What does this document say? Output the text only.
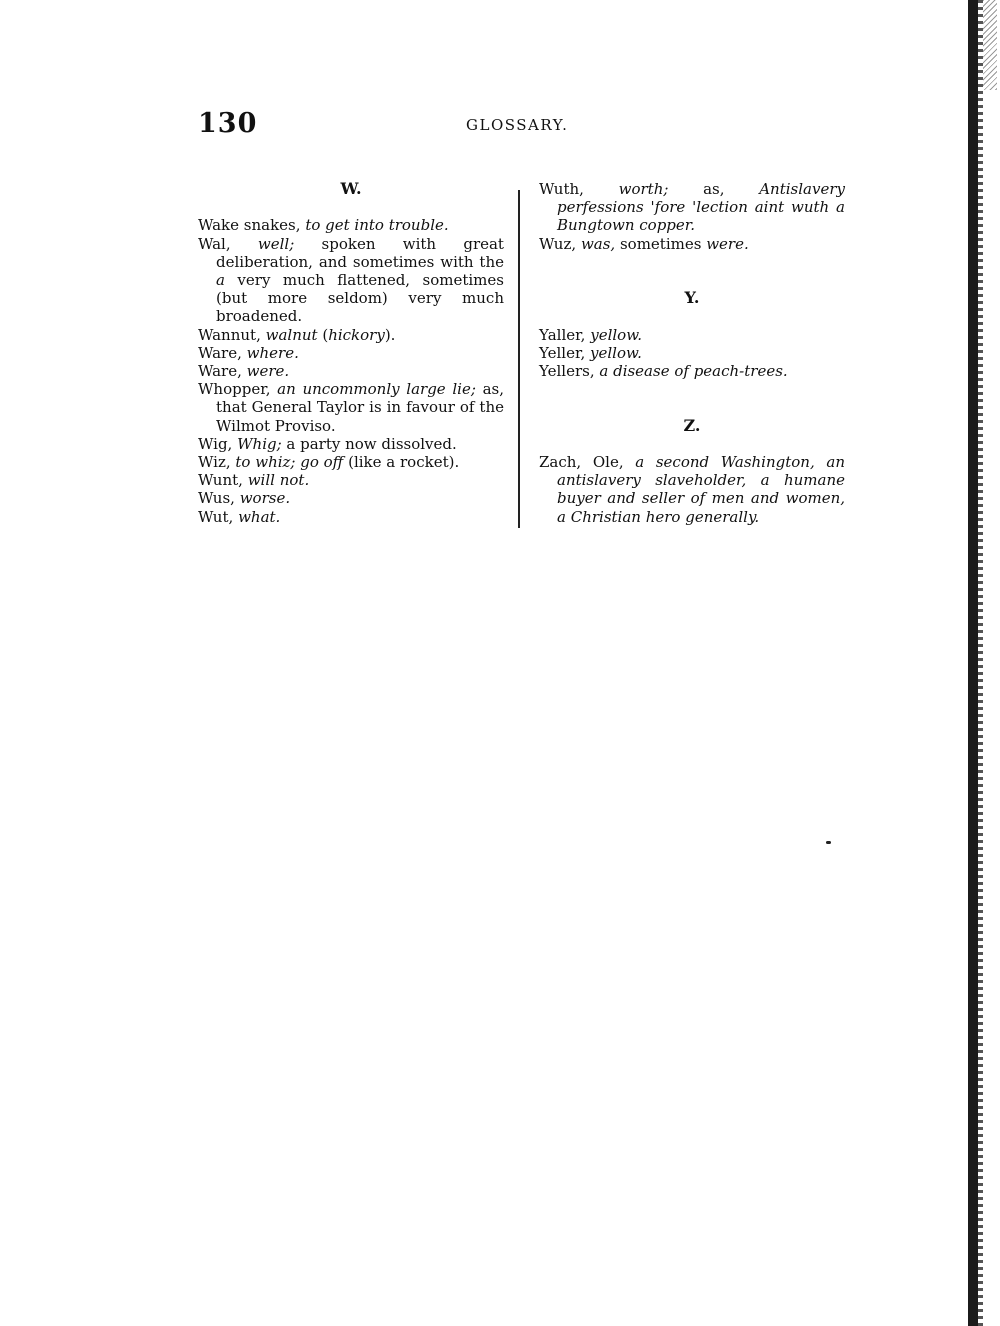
130	GLOSSARY.

W.

Wake snakes, to get into trouble.

Wal, well; spoken with great deliberation, and sometimes with the a very much flattened, sometimes (but more seldom) very much broadened.

Wannut, walnut (hickory).

Ware, where.

Ware, were.

Whopper, an uncommonly large lie; as, that General Taylor is in favour of the Wilmot Proviso.

Wig, Whig; a party now dissolved.

Wiz, to whiz; go off (like a rocket).

Wunt, will not.

Wus, worse.

Wut, what.

Wuth, worth; as, Antislavery perfessions 'fore 'lection aint wuth a Bungtown copper.

Wuz, was, sometimes were.

Y.

Yaller, yellow.

Yeller, yellow.

Yellers, a disease of peach-trees.

Z.

Zach, Ole, a second Washington, an antislavery slaveholder, a humane buyer and seller of men and women, a Christian hero generally.
